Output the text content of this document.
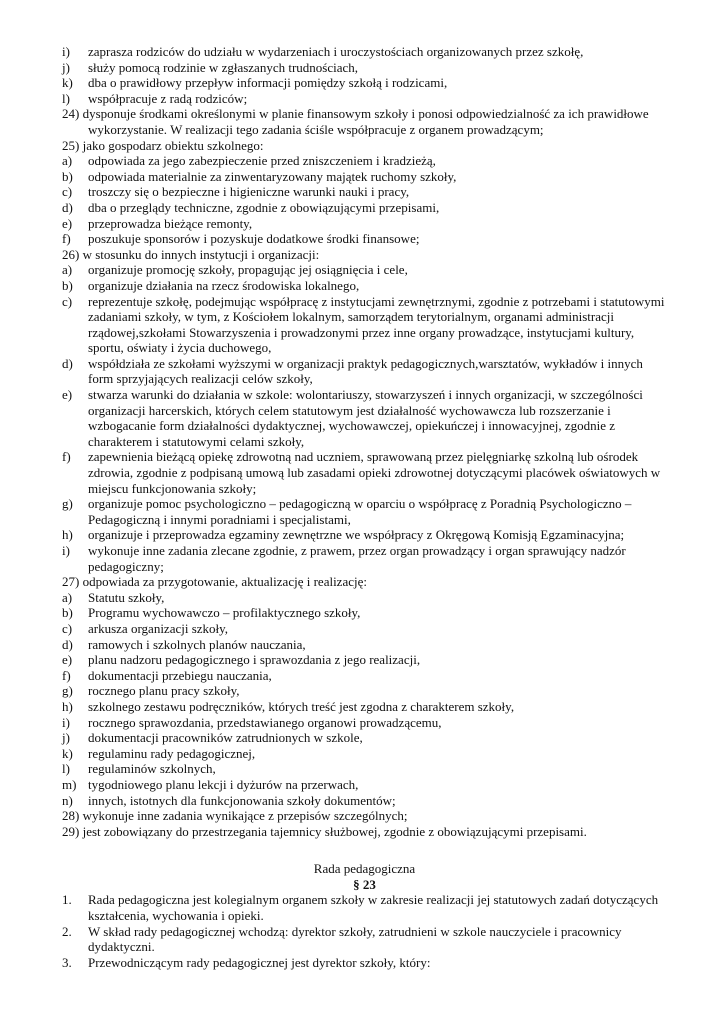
i)	zaprasza rodziców do udziału w wydarzeniach i uroczystościach organizowanych przez szkołę,
j)	służy pomocą rodzinie w zgłaszanych trudnościach,
k)	dba o prawidłowy przepływ informacji pomiędzy szkołą i rodzicami,
l)	współpracuje z radą rodziców;
24) dysponuje środkami określonymi w planie finansowym szkoły i ponosi odpowiedzialność za ich prawidłowe wykorzystanie. W realizacji tego zadania ściśle współpracuje z organem prowadzącym;
25) jako gospodarz obiektu szkolnego:
a)	odpowiada za jego zabezpieczenie przed zniszczeniem i kradzieżą,
b)	odpowiada materialnie za zinwentaryzowany majątek ruchomy szkoły,
c)	troszczy się o bezpieczne i higieniczne warunki nauki i pracy,
d)	dba o przeglądy techniczne, zgodnie z obowiązującymi przepisami,
e)	przeprowadza bieżące remonty,
f)	poszukuje sponsorów i pozyskuje dodatkowe środki finansowe;
26) w stosunku do innych instytucji i organizacji:
a)	organizuje promocję szkoły, propagując jej osiągnięcia i cele,
b)	organizuje działania na rzecz środowiska lokalnego,
c)	reprezentuje szkołę, podejmując współpracę z instytucjami zewnętrznymi, zgodnie z potrzebami i statutowymi zadaniami szkoły, w tym, z Kościołem lokalnym, samorządem terytorialnym, organami administracji rządowej,szkołami Stowarzyszenia i prowadzonymi przez inne organy prowadzące, instytucjami kultury, sportu, oświaty i życia duchowego,
d)	współdziała ze szkołami wyższymi w organizacji praktyk pedagogicznych,warsztatów, wykładów i innych form sprzyjających realizacji celów szkoły,
e)	stwarza warunki do działania w szkole: wolontariuszy, stowarzyszeń i innych organizacji, w szczególności organizacji harcerskich, których celem statutowym jest działalność wychowawcza lub rozszerzanie i wzbogacanie form działalności dydaktycznej, wychowawczej, opiekuńczej i innowacyjnej, zgodnie z charakterem i statutowymi celami szkoły,
f)	zapewnienia bieżącą opiekę zdrowotną nad uczniem, sprawowaną przez pielęgniarkę szkolną lub ośrodek zdrowia, zgodnie z podpisaną umową lub zasadami opieki zdrowotnej dotyczącymi placówek oświatowych w miejscu funkcjonowania szkoły;
g)	organizuje pomoc psychologiczno – pedagogiczną w oparciu o współpracę z Poradnią Psychologiczno – Pedagogiczną i innymi poradniami i specjalistami,
h)	organizuje i przeprowadza egzaminy zewnętrzne we współpracy z Okręgową Komisją Egzaminacyjna;
i)	wykonuje inne zadania zlecane zgodnie, z prawem, przez organ prowadzący i organ sprawujący nadzór pedagogiczny;
27) odpowiada za przygotowanie, aktualizację i realizację:
a)	Statutu szkoły,
b)	Programu wychowawczo – profilaktycznego szkoły,
c)	arkusza organizacji szkoły,
d)	ramowych i szkolnych planów nauczania,
e)	planu nadzoru pedagogicznego i sprawozdania z jego realizacji,
f)	dokumentacji przebiegu nauczania,
g)	rocznego planu pracy szkoły,
h)	szkolnego zestawu podręczników, których treść jest zgodna z charakterem szkoły,
i)	rocznego sprawozdania, przedstawianego organowi prowadzącemu,
j)	dokumentacji pracowników zatrudnionych w szkole,
k)	regulaminu rady pedagogicznej,
l)	regulaminów szkolnych,
m) tygodniowego planu lekcji i dyżurów na przerwach,
n)	innych, istotnych dla funkcjonowania szkoły dokumentów;
28) wykonuje inne zadania wynikające z przepisów szczególnych;
29) jest zobowiązany do przestrzegania tajemnicy służbowej, zgodnie z obowiązującymi przepisami.
Rada pedagogiczna
§ 23
1.	Rada pedagogiczna jest kolegialnym organem szkoły w zakresie realizacji jej statutowych zadań dotyczących kształcenia, wychowania i opieki.
2.	W skład rady pedagogicznej wchodzą: dyrektor szkoły, zatrudnieni w szkole nauczyciele i pracownicy dydaktyczni.
3.	Przewodniczącym rady pedagogicznej jest dyrektor szkoły, który:
